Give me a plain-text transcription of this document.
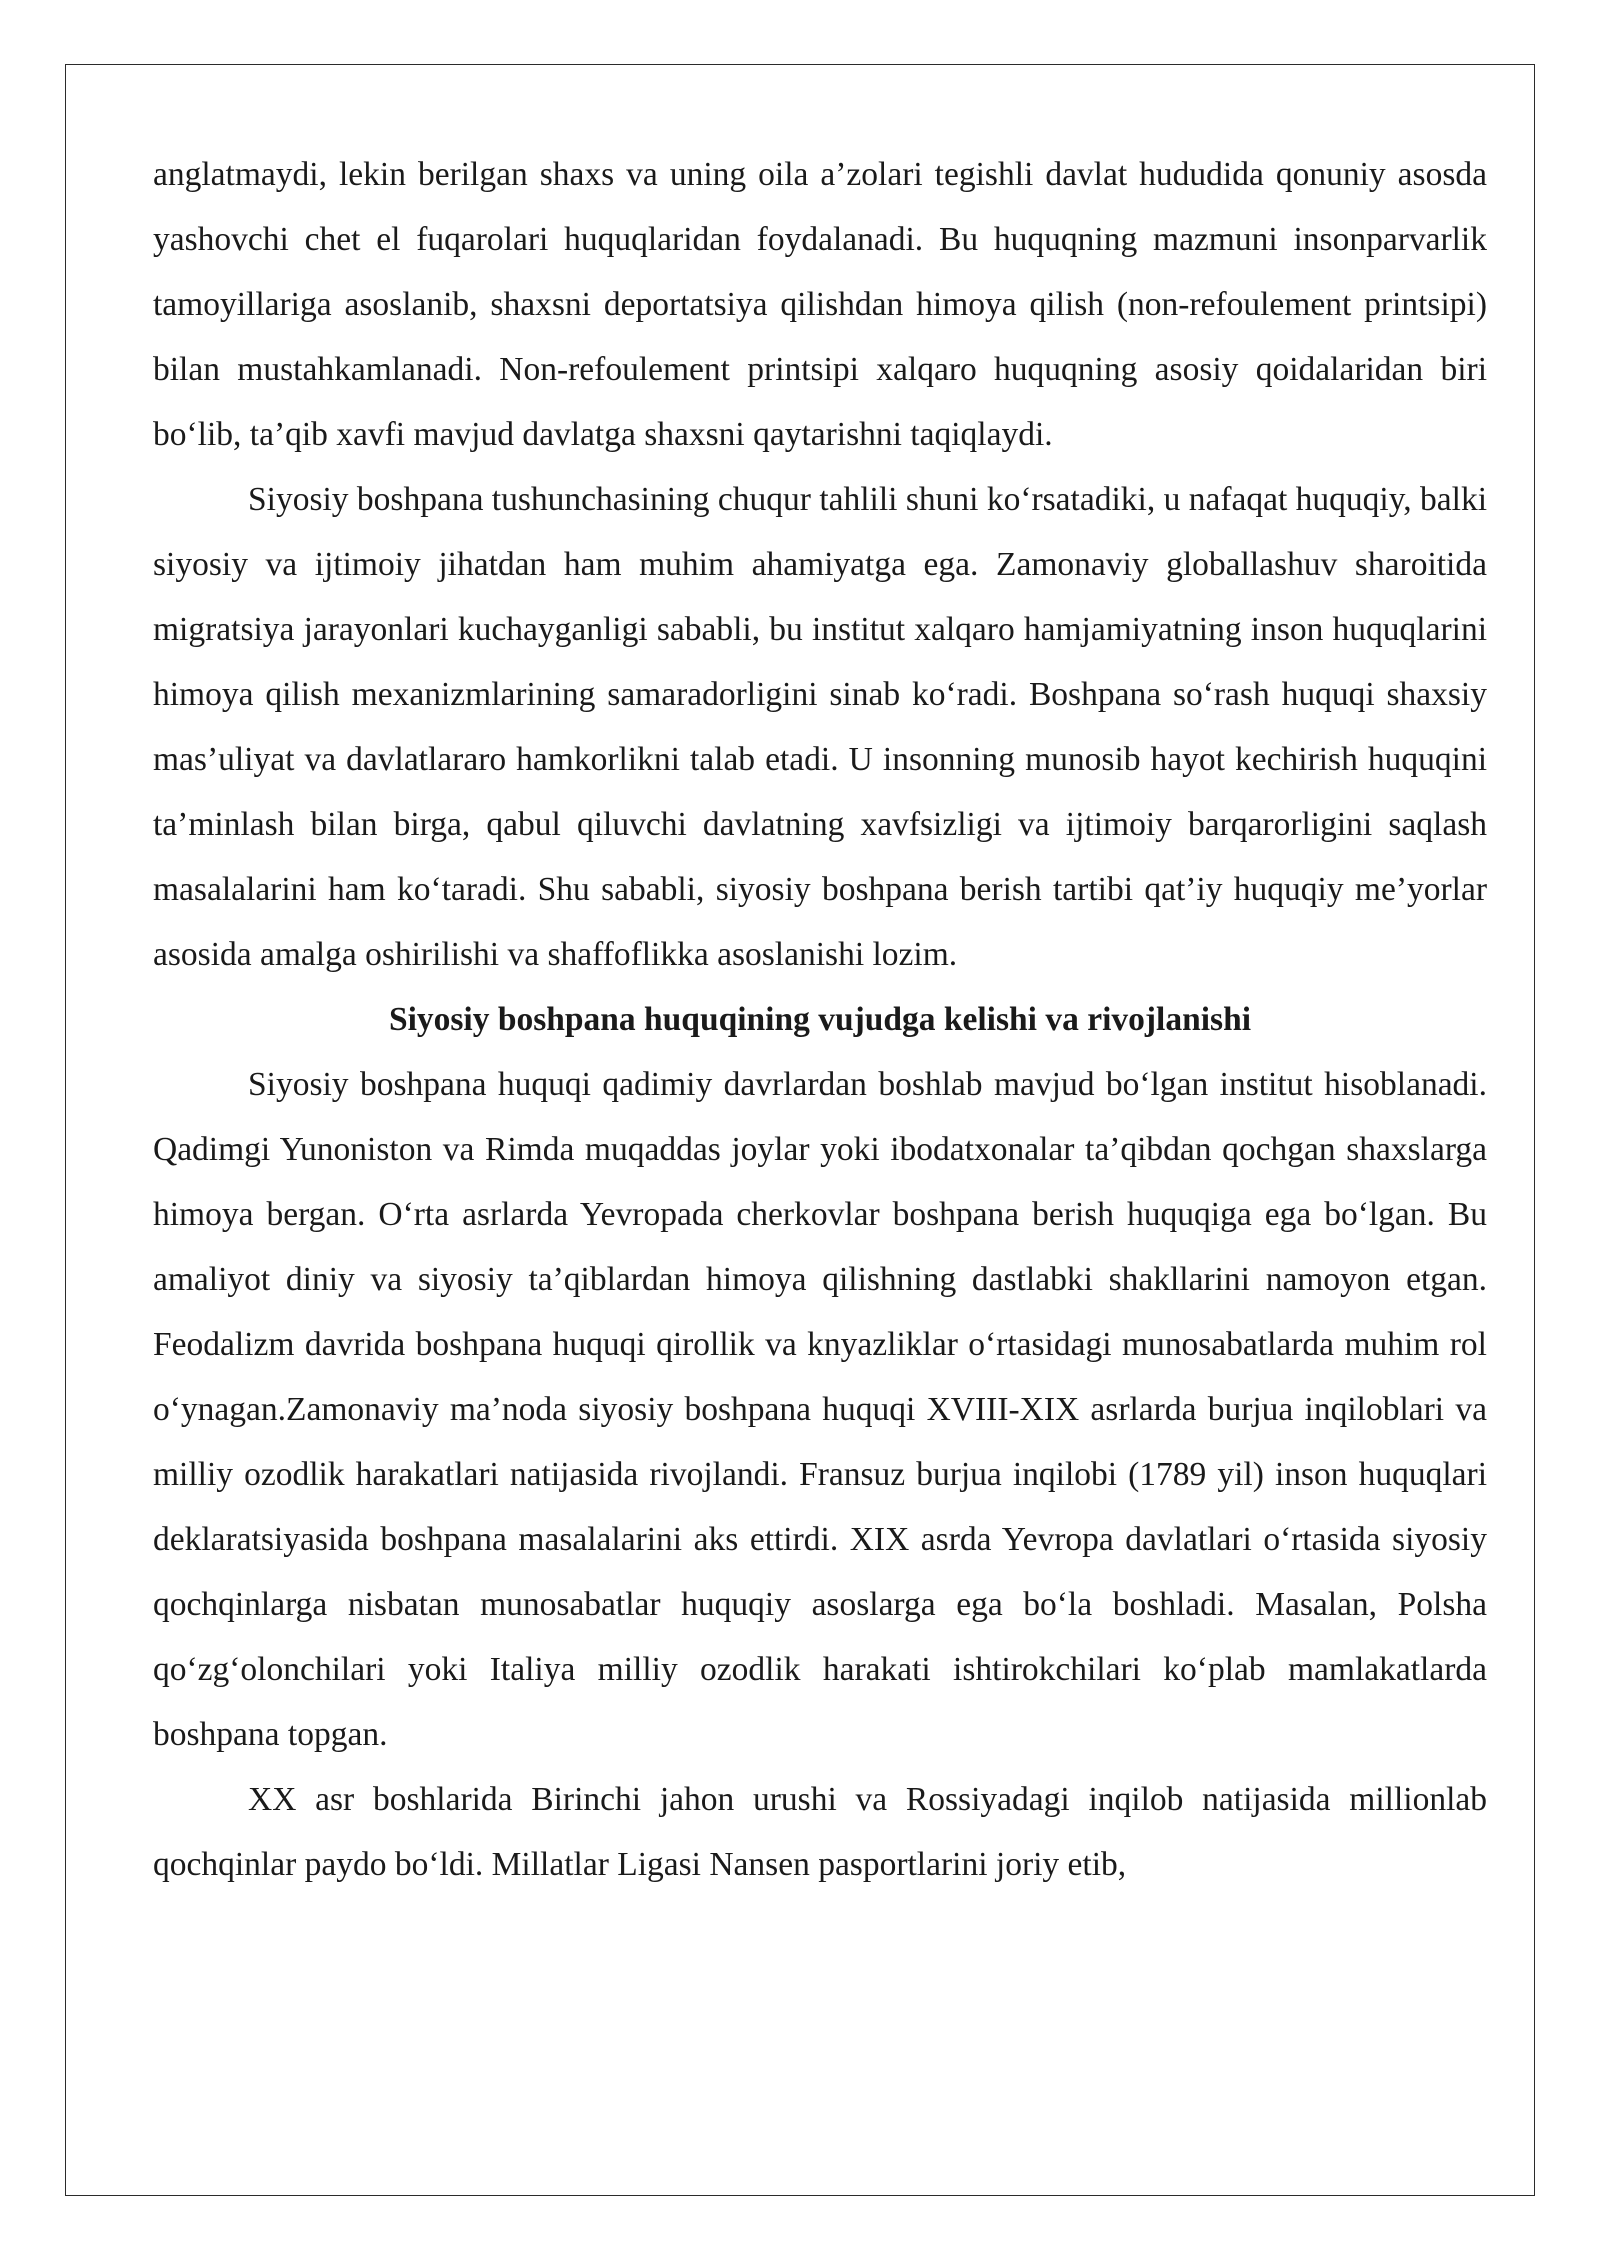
anglatmaydi, lekin berilgan shaxs va uning oila a’zolari tegishli davlat hududida qonuniy asosda yashovchi chet el fuqarolari huquqlaridan foydalanadi. Bu huquqning mazmuni insonparvarlik tamoyillariga asoslanib, shaxsni deportatsiya qilishdan himoya qilish (non-refoulement printsipi) bilan mustahkamlanadi. Non-refoulement printsipi xalqaro huquqning asosiy qoidalaridan biri bo‘lib, ta’qib xavfi mavjud davlatga shaxsni qaytarishni taqiqlaydi.

Siyosiy boshpana tushunchasining chuqur tahlili shuni ko‘rsatadiki, u nafaqat huquqiy, balki siyosiy va ijtimoiy jihatdan ham muhim ahamiyatga ega. Zamonaviy globallashuv sharoitida migratsiya jarayonlari kuchayganligi sababli, bu institut xalqaro hamjamiyatning inson huquqlarini himoya qilish mexanizmlarining samaradorligini sinab ko‘radi. Boshpana so‘rash huquqi shaxsiy mas’uliyat va davlatlararo hamkorlikni talab etadi. U insonning munosib hayot kechirish huquqini ta’minlash bilan birga, qabul qiluvchi davlatning xavfsizligi va ijtimoiy barqarorligini saqlash masalalarini ham ko‘taradi. Shu sababli, siyosiy boshpana berish tartibi qat’iy huquqiy me’yorlar asosida amalga oshirilishi va shaffoflikka asoslanishi lozim.

Siyosiy boshpana huquqining vujudga kelishi va rivojlanishi

Siyosiy boshpana huquqi qadimiy davrlardan boshlab mavjud bo‘lgan institut hisoblanadi. Qadimgi Yunoniston va Rimda muqaddas joylar yoki ibodatxonalar ta’qibdan qochgan shaxslarga himoya bergan. O‘rta asrlarda Yevropada cherkovlar boshpana berish huquqiga ega bo‘lgan. Bu amaliyot diniy va siyosiy ta’qiblardan himoya qilishning dastlabki shakllarini namoyon etgan. Feodalizm davrida boshpana huquqi qirollik va knyazliklar o‘rtasidagi munosabatlarda muhim rol o‘ynagan.Zamonaviy ma’noda siyosiy boshpana huquqi XVIII-XIX asrlarda burjua inqiloblari va milliy ozodlik harakatlari natijasida rivojlandi. Fransuz burjua inqilobi (1789 yil) inson huquqlari deklaratsiyasida boshpana masalalarini aks ettirdi. XIX asrda Yevropa davlatlari o‘rtasida siyosiy qochqinlarga nisbatan munosabatlar huquqiy asoslarga ega bo‘la boshladi. Masalan, Polsha qo‘zg‘olonchilari yoki Italiya milliy ozodlik harakati ishtirokchilari ko‘plab mamlakatlarda boshpana topgan.

XX asr boshlarida Birinchi jahon urushi va Rossiyadagi inqilob natijasida millionlab qochqinlar paydo bo‘ldi. Millatlar Ligasi Nansen pasportlarini joriy etib,
